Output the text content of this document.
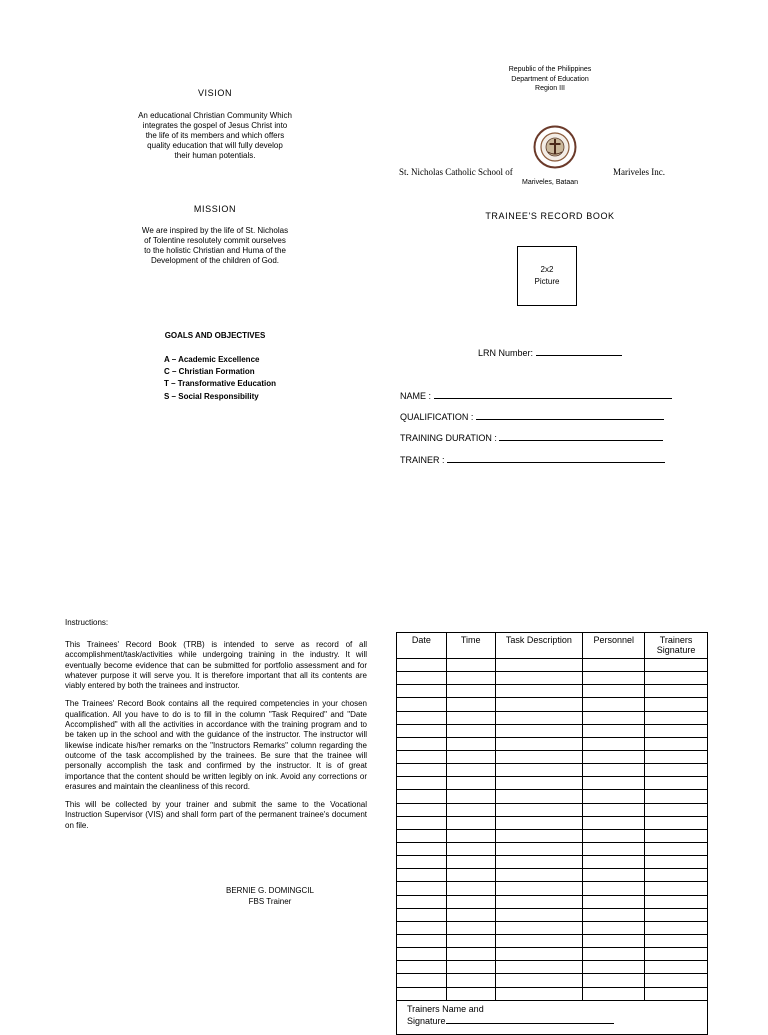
VISION
An educational Christian Community Which
integrates the gospel of Jesus Christ into
the life of its members and which offers
quality education that will fully develop
their human potentials.
MISSION
We are inspired by the life of St. Nicholas
of Tolentine resolutely commit ourselves
to the holistic Christian and Huma of the
Development of the children of God.
GOALS AND OBJECTIVES
A – Academic Excellence
C – Christian Formation
T – Transformative Education
S – Social Responsibility
Republic of the Philippines
Department of Education
Region III
St. Nicholas Catholic School of	Mariveles Inc.
Mariveles, Bataan
TRAINEE'S RECORD BOOK
2x2
Picture
LRN Number:
NAME :
QUALIFICATION :
TRAINING DURATION :
TRAINER :
Instructions:

This Trainees' Record Book (TRB) is intended to serve as record of all accomplishment/task/activities while undergoing training in the industry. It will eventually become evidence that can be submitted for portfolio assessment and for whatever purpose it will serve you. It is therefore important that all its contents are viably entered by both the trainees and instructor.

The Trainees' Record Book contains all the required competencies in your chosen qualification. All you have to do is to fill in the column "Task Required" and "Date Accomplished" with all the activities in accordance with the training program and to be taken up in the school and with the guidance of the instructor. The instructor will likewise indicate his/her remarks on the "Instructors Remarks" column regarding the outcome of the task accomplished by the trainees. Be sure that the trainee will personally accomplish the task and confirmed by the instructor. It is of great importance that the content should be written legibly on ink. Avoid any corrections or erasures and maintain the cleanliness of this record.

This will be collected by your trainer and submit the same to the Vocational Instruction Supervisor (VIS) and shall form part of the permanent trainee's document on file.

BERNIE G. DOMINGCIL
FBS Trainer
Date	Time	Task Description	Personnel	Trainers Signature

Trainers Name and
Signature				
